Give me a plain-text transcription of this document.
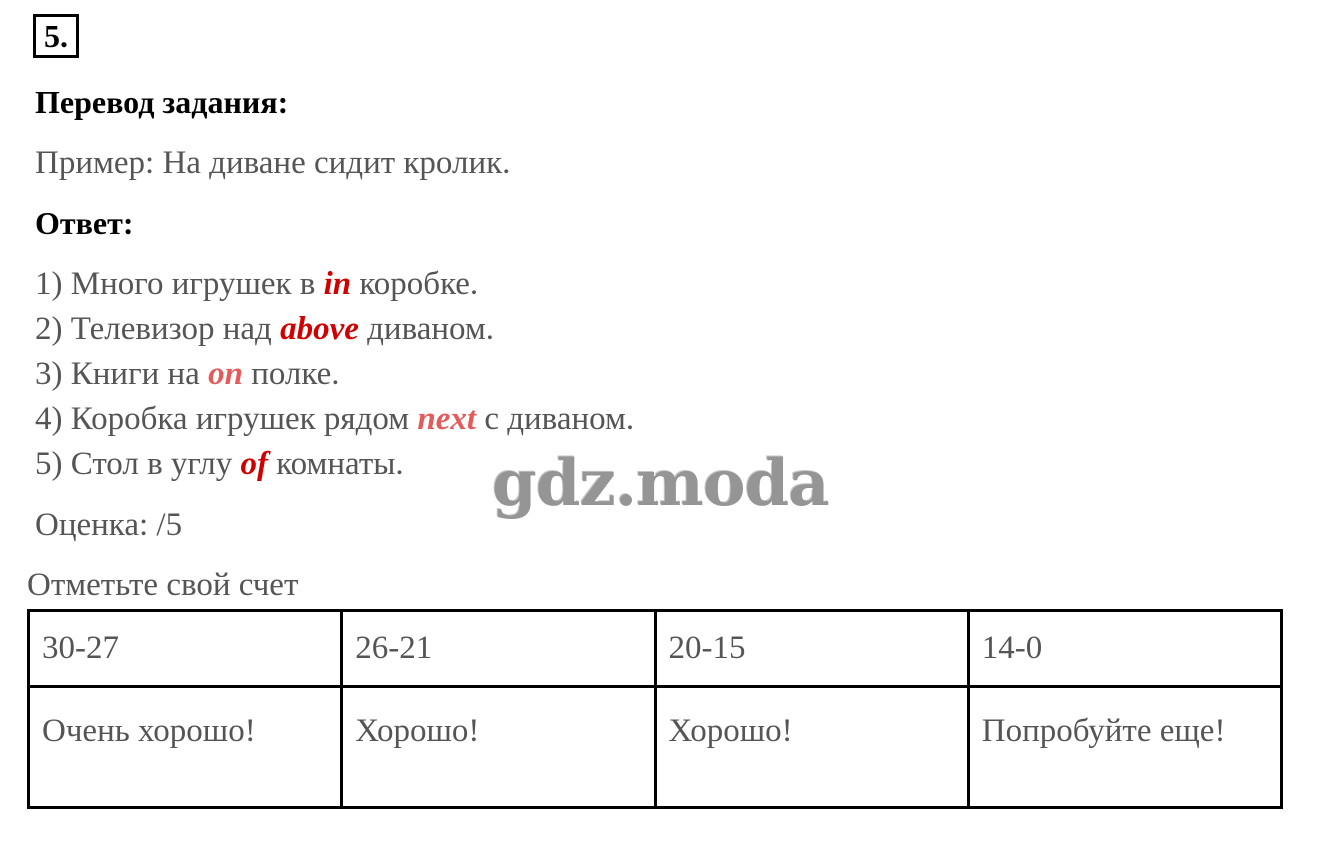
5.
Перевод задания:
Пример: На диване сидит кролик.
Ответ:
1) Много игрушек в in коробке.
2) Телевизор над above диваном.
3) Книги на on полке.
4) Коробка игрушек рядом next с диваном.
5) Стол в углу of комнаты. gdz.moda
Оценка: /5
Отметьте свой счет
30-27	26-21	20-15	14-0
Очень хорошо!	Хорошо!	Хорошо!	Попробуйте еще!
